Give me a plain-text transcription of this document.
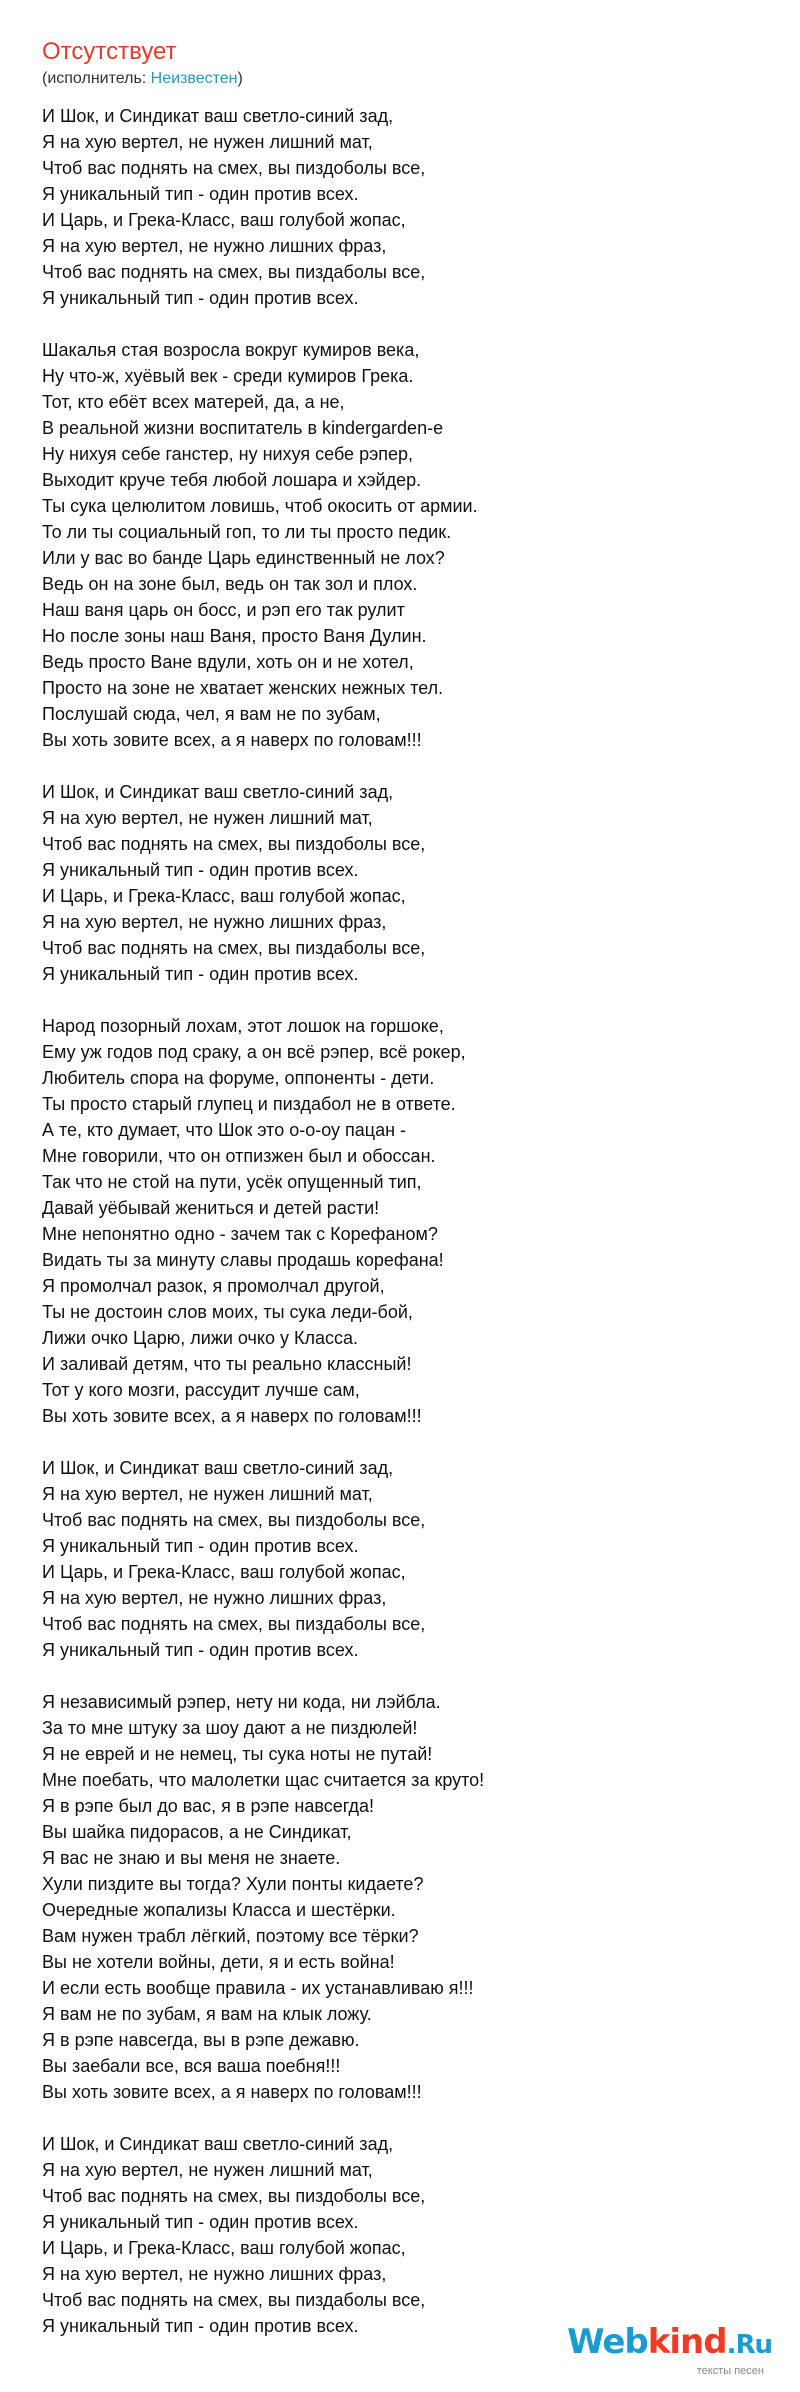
Отсутствует
(исполнитель: Неизвестен)
И Шок, и Синдикат ваш светло-синий зад,
Я на хую вертел, не нужен лишний мат,
Чтоб вас поднять на смех, вы пиздоболы все,
Я уникальный тип - один против всех.
И Царь, и Грека-Класс, ваш голубой жопас,
Я на хую вертел, не нужно лишних фраз,
Чтоб вас поднять на смех, вы пиздаболы все,
Я уникальный тип - один против всех.
Шакалья стая возросла вокруг кумиров века,
Ну что-ж, хуёвый век - среди кумиров Грека.
Тот, кто ебёт всех матерей, да, а не,
В реальной жизни воспитатель в kindergarden-е
Ну нихуя себе ганстер, ну нихуя себе рэпер,
Выходит круче тебя любой лошара и хэйдер.
Ты сука целюлитом ловишь, чтоб окосить от армии.
То ли ты социальный гоп, то ли ты просто педик.
Или у вас во банде Царь единственный не лох?
Ведь он на зоне был, ведь он так зол и плох.
Наш ваня царь он босс, и рэп его так рулит
Но после зоны наш Ваня, просто Ваня Дулин.
Ведь просто Ване вдули, хоть он и не хотел,
Просто на зоне не хватает женских нежных тел.
Послушай сюда, чел, я вам не по зубам,
Вы хоть зовите всех, а я наверх по головам!!!
И Шок, и Синдикат ваш светло-синий зад,
Я на хую вертел, не нужен лишний мат,
Чтоб вас поднять на смех, вы пиздоболы все,
Я уникальный тип - один против всех.
И Царь, и Грека-Класс, ваш голубой жопас,
Я на хую вертел, не нужно лишних фраз,
Чтоб вас поднять на смех, вы пиздаболы все,
Я уникальный тип - один против всех.
Народ позорный лохам, этот лошок на горшоке,
Ему уж годов под сраку, а он всё рэпер, всё рокер,
Любитель спора на форуме, оппоненты - дети.
Ты просто старый глупец и пиздабол не в ответе.
А те, кто думает, что Шок это о-о-оу пацан -
Мне говорили, что он отпизжен был и обоссан.
Так что не стой на пути, усёк опущенный тип,
Давай уёбывай жениться и детей расти!
Мне непонятно одно - зачем так с Корефаном?
Видать ты за минуту славы продашь корефана!
Я промолчал разок, я промолчал другой,
Ты не достоин слов моих, ты сука леди-бой,
Лижи очко Царю, лижи очко у Класса.
И заливай детям, что ты реально классный!
Тот у кого мозги, рассудит лучше сам,
Вы хоть зовите всех, а я наверх по головам!!!
И Шок, и Синдикат ваш светло-синий зад,
Я на хую вертел, не нужен лишний мат,
Чтоб вас поднять на смех, вы пиздоболы все,
Я уникальный тип - один против всех.
И Царь, и Грека-Класс, ваш голубой жопас,
Я на хую вертел, не нужно лишних фраз,
Чтоб вас поднять на смех, вы пиздаболы все,
Я уникальный тип - один против всех.
Я независимый рэпер, нету ни кода, ни лэйбла.
За то мне штуку за шоу дают а не пиздюлей!
Я не еврей и не немец, ты сука ноты не путай!
Мне поебать, что малолетки щас считается за круто!
Я в рэпе был до вас, я в рэпе навсегда!
Вы шайка пидорасов, а не Синдикат,
Я вас не знаю и вы меня не знаете.
Хули пиздите вы тогда? Хули понты кидаете?
Очередные жопализы Класса и шестёрки.
Вам нужен трабл лёгкий, поэтому все тёрки?
Вы не хотели войны, дети, я и есть война!
И если есть вообще правила - их устанавливаю я!!!
Я вам не по зубам, я вам на клык ложу.
Я в рэпе навсегда, вы в рэпе дежавю.
Вы заебали все, вся ваша поебня!!!
Вы хоть зовите всех, а я наверх по головам!!!
И Шок, и Синдикат ваш светло-синий зад,
Я на хую вертел, не нужен лишний мат,
Чтоб вас поднять на смех, вы пиздоболы все,
Я уникальный тип - один против всех.
И Царь, и Грека-Класс, ваш голубой жопас,
Я на хую вертел, не нужно лишних фраз,
Чтоб вас поднять на смех, вы пиздаболы все,
Я уникальный тип - один против всех.	Webkind.Ru
тексты песен
